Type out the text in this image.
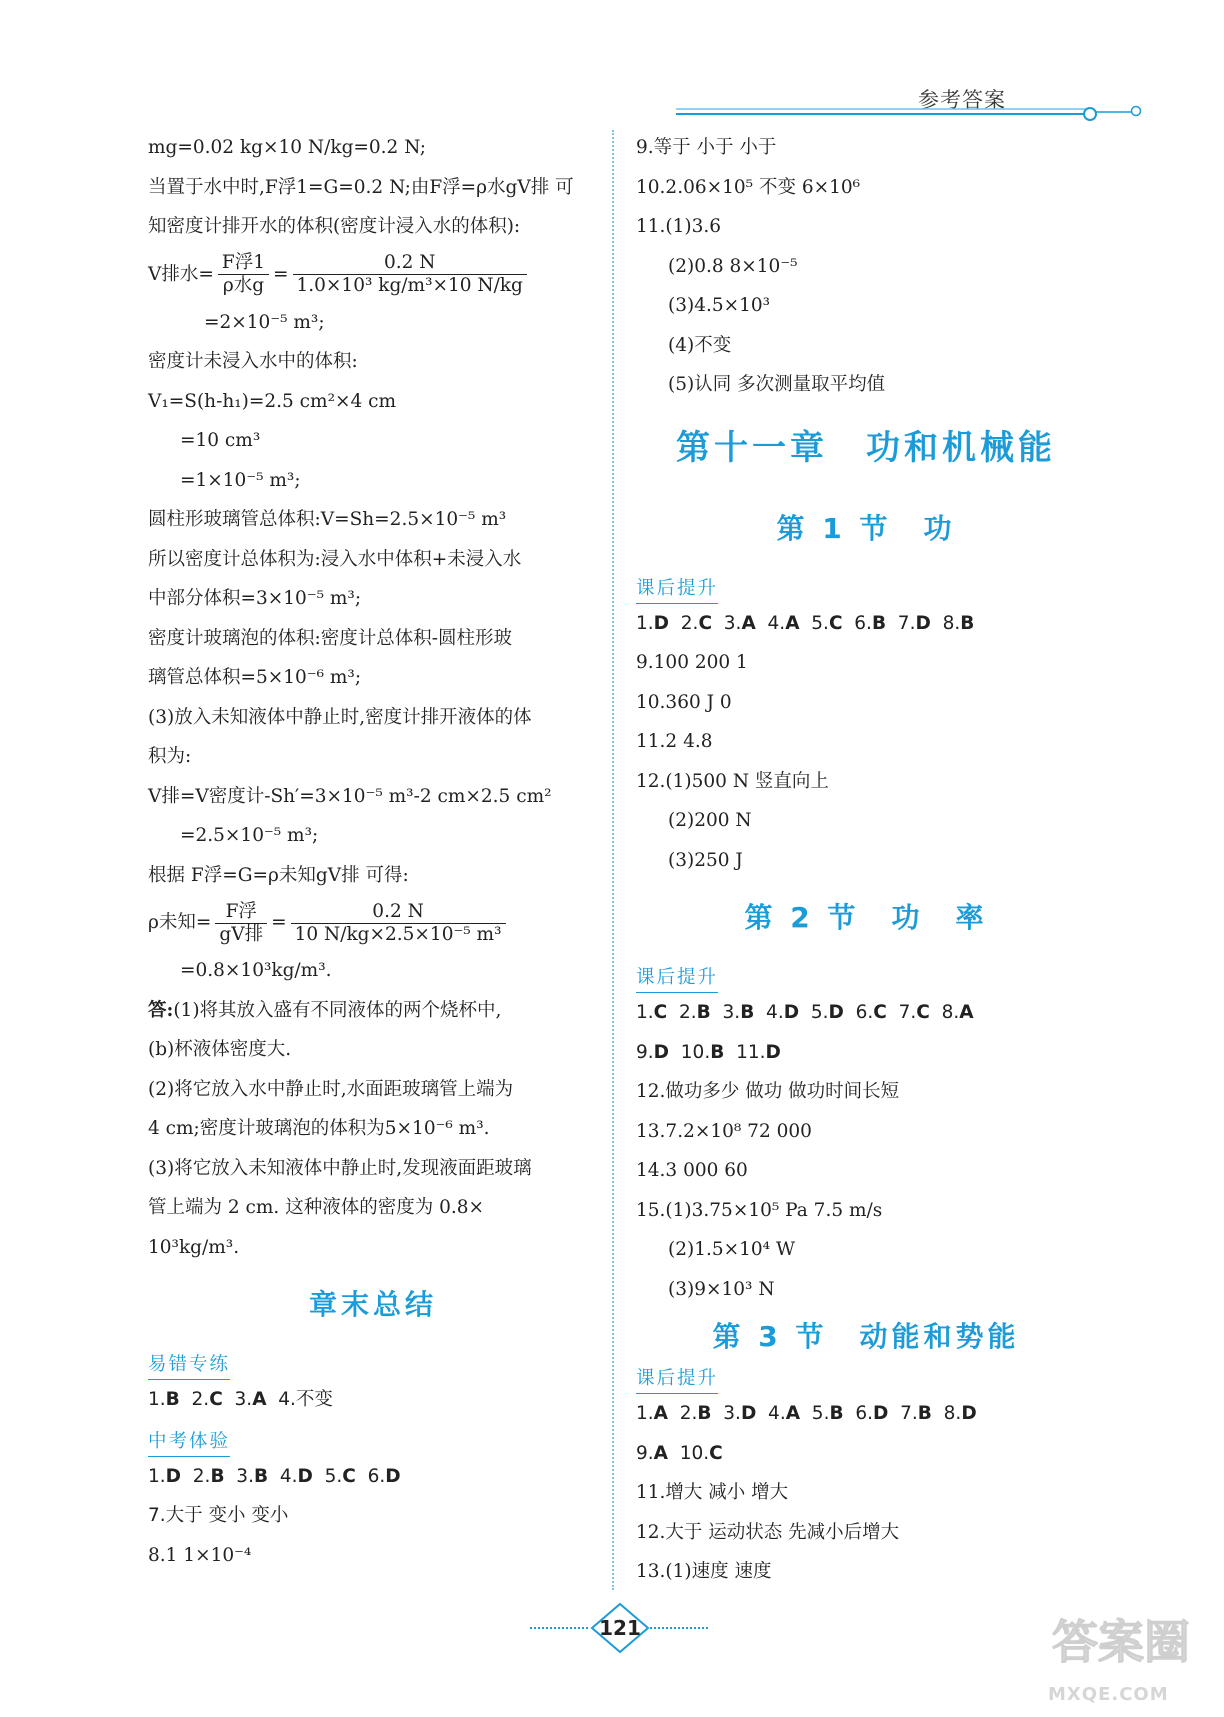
参考答案
mg=0.02 kg×10 N/kg=0.2 N;
当置于水中时,F浮1=G=0.2 N;由F浮=ρ水gV排 可
知密度计排开水的体积(密度计浸入水的体积):
V排水= $\frac{\text{F浮1}}{\text{ρ水g}} = \frac{0.2 N}{\text{1.0×10³ kg/m³×10 N/kg}}$
=2×10⁻⁵ m³;
密度计未浸入水中的体积:
V₁=S(h-h₁)=2.5 cm²×4 cm
=10 cm³
=1×10⁻⁵ m³;
圆柱形玻璃管总体积:V=Sh=2.5×10⁻⁵ m³
所以密度计总体积为:浸入水中体积+未浸入水
中部分体积=3×10⁻⁵ m³;
密度计玻璃泡的体积:密度计总体积-圆柱形玻
璃管总体积=5×10⁻⁶ m³;
(3)放入未知液体中静止时,密度计排开液体的体
积为:
V排=V密度计-Sh′=3×10⁻⁵ m³-2 cm×2.5 cm²
=2.5×10⁻⁵ m³;
根据 F浮=G=ρ未知gV排 可得:
ρ未知= $\frac{\text{F浮}}{\text{gV排}} = \frac{0.2 N}{\text{10 N/kg×2.5×10⁻⁵ m³}}$
=0.8×10³kg/m³.
答:(1)将其放入盛有不同液体的两个烧杯中,
(b)杯液体密度大.
(2)将它放入水中静止时,水面距玻璃管上端为
4 cm;密度计玻璃泡的体积为5×10⁻⁶ m³.
(3)将它放入未知液体中静止时,发现液面距玻璃
管上端为 2 cm. 这种液体的密度为 0.8×
10³kg/m³.
章末总结
易错专练
1.B  2.C  3.A  4.不变
中考体验
1.D  2.B  3.B  4.D  5.C  6.D
7.大于 变小 变小
8.1 1×10⁻⁴
9.等于 小于 小于
10.2.06×10⁵ 不变 6×10⁶
11.(1)3.6
(2)0.8 8×10⁻⁵
(3)4.5×10³
(4)不变
(5)认同 多次测量取平均值
第十一章　功和机械能
第 1 节　功
课后提升
1.D  2.C  3.A  4.A  5.C  6.B  7.D  8.B
9.100 200 1
10.360 J 0
11.2 4.8
12.(1)500 N 竖直向上
(2)200 N
(3)250 J
第 2 节　功　率
课后提升
1.C  2.B  3.B  4.D  5.D  6.C  7.C  8.A
9.D  10.B  11.D
12.做功多少 做功 做功时间长短
13.7.2×10⁸ 72 000
14.3 000 60
15.(1)3.75×10⁵ Pa 7.5 m/s
(2)1.5×10⁴ W
(3)9×10³ N
第 3 节　动能和势能
课后提升
1.A  2.B  3.D  4.A  5.B  6.D  7.B  8.D
9.A  10.C
11.增大 减小 增大
12.大于 运动状态 先减小后增大
13.(1)速度 速度
121	答案圈
MXQE.COM
